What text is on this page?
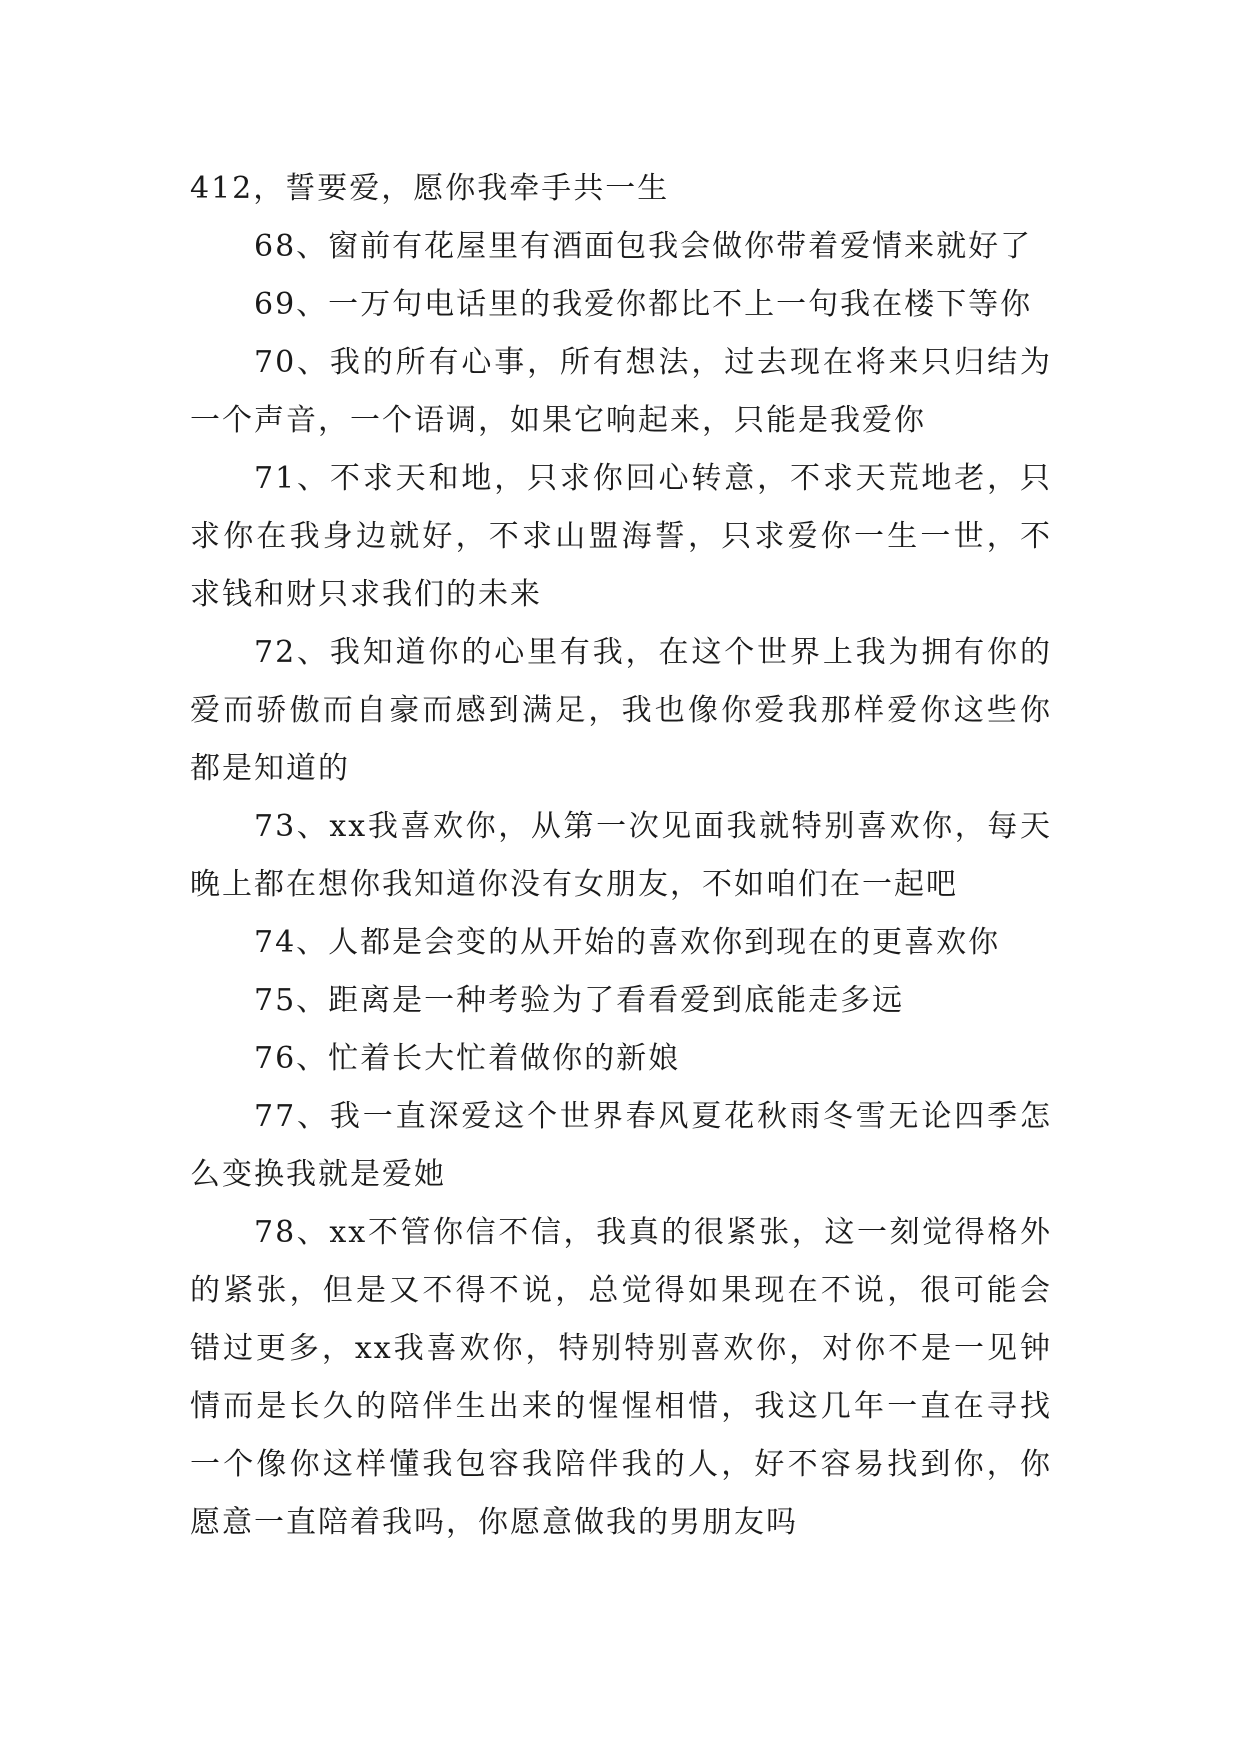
412，誓要爱，愿你我牵手共一生

68、窗前有花屋里有酒面包我会做你带着爱情来就好了

69、一万句电话里的我爱你都比不上一句我在楼下等你

70、我的所有心事，所有想法，过去现在将来只归结为一个声音，一个语调，如果它响起来，只能是我爱你

71、不求天和地，只求你回心转意，不求天荒地老，只求你在我身边就好，不求山盟海誓，只求爱你一生一世，不求钱和财只求我们的未来

72、我知道你的心里有我，在这个世界上我为拥有你的爱而骄傲而自豪而感到满足，我也像你爱我那样爱你这些你都是知道的

73、xx我喜欢你，从第一次见面我就特别喜欢你，每天晚上都在想你我知道你没有女朋友，不如咱们在一起吧

74、人都是会变的从开始的喜欢你到现在的更喜欢你

75、距离是一种考验为了看看爱到底能走多远

76、忙着长大忙着做你的新娘

77、我一直深爱这个世界春风夏花秋雨冬雪无论四季怎么变换我就是爱她

78、xx不管你信不信，我真的很紧张，这一刻觉得格外的紧张，但是又不得不说，总觉得如果现在不说，很可能会错过更多，xx我喜欢你，特别特别喜欢你，对你不是一见钟情而是长久的陪伴生出来的惺惺相惜，我这几年一直在寻找一个像你这样懂我包容我陪伴我的人，好不容易找到你，你愿意一直陪着我吗，你愿意做我的男朋友吗
